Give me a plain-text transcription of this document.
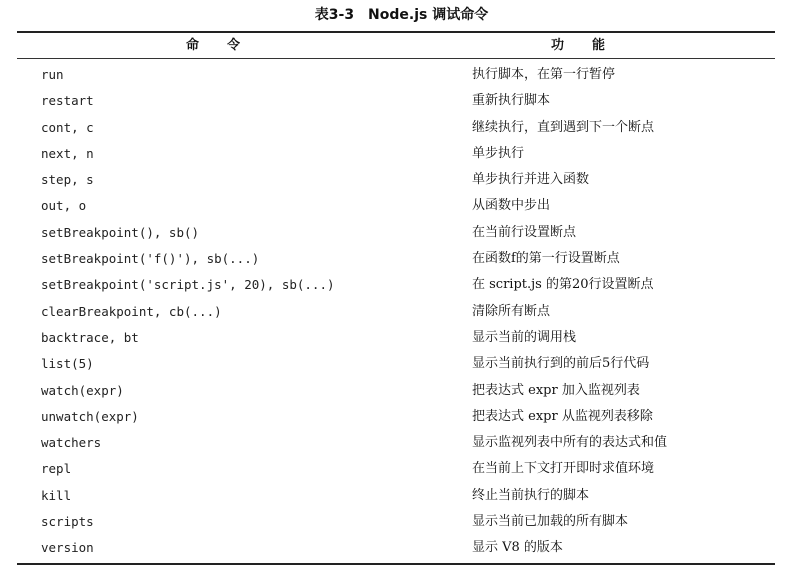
表3-3　Node.js 调试命令
命令	功能
run	执行脚本，在第一行暂停
restart	重新执行脚本
cont, c	继续执行，直到遇到下一个断点
next, n	单步执行
step, s	单步执行并进入函数
out, o	从函数中步出
setBreakpoint(), sb()	在当前行设置断点
setBreakpoint('f()'), sb(...)	在函数f的第一行设置断点
setBreakpoint('script.js', 20), sb(...)	在 script.js 的第20行设置断点
clearBreakpoint, cb(...)	清除所有断点
backtrace, bt	显示当前的调用栈
list(5)	显示当前执行到的前后5行代码
watch(expr)	把表达式 expr 加入监视列表
unwatch(expr)	把表达式 expr 从监视列表移除
watchers	显示监视列表中所有的表达式和值
repl	在当前上下文打开即时求值环境
kill	终止当前执行的脚本
scripts	显示当前已加载的所有脚本
version	显示 V8 的版本
